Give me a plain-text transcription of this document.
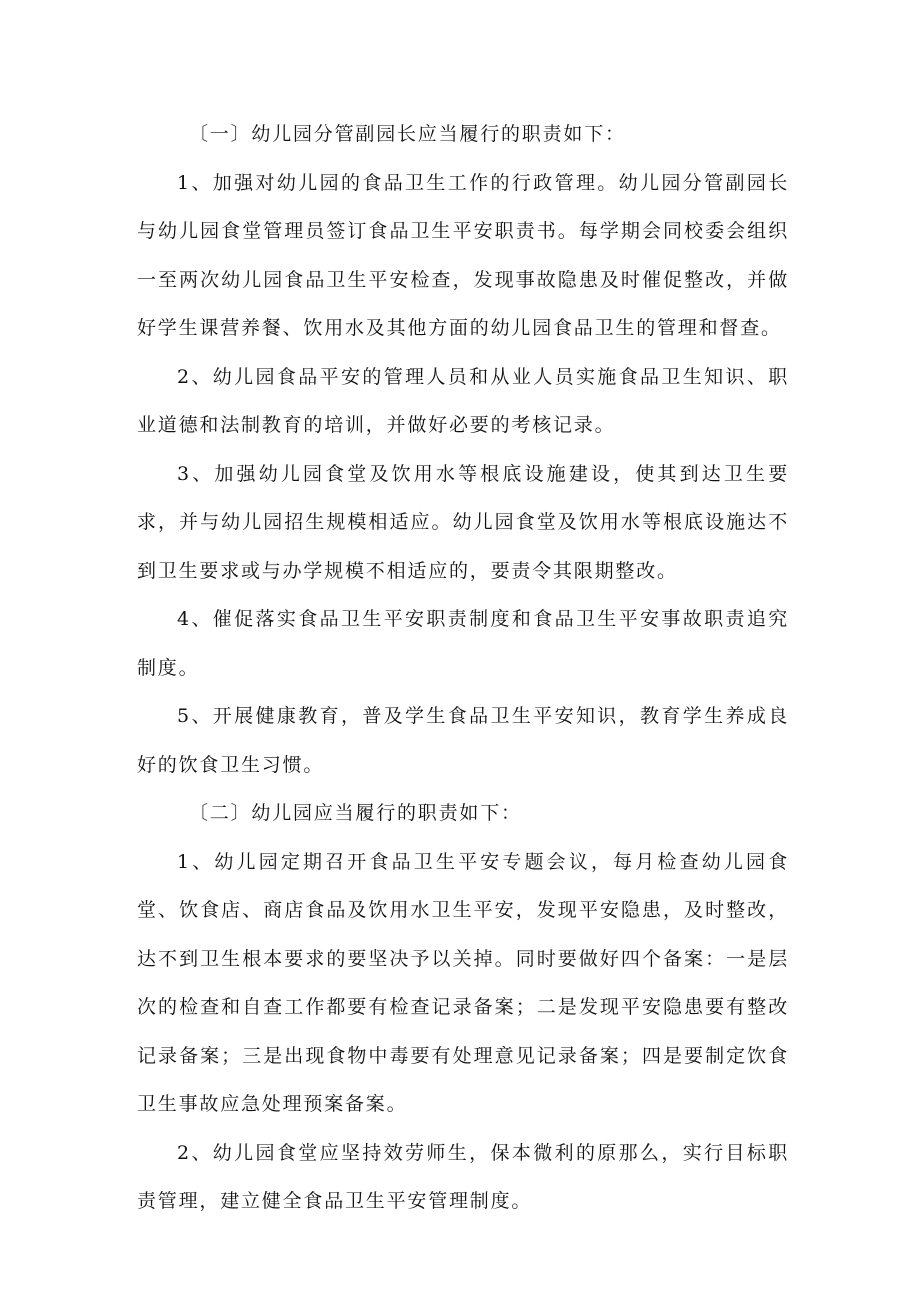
〔一〕幼儿园分管副园长应当履行的职责如下：

1、加强对幼儿园的食品卫生工作的行政管理。幼儿园分管副园长与幼儿园食堂管理员签订食品卫生平安职责书。每学期会同校委会组织一至两次幼儿园食品卫生平安检查，发现事故隐患及时催促整改，并做好学生课营养餐、饮用水及其他方面的幼儿园食品卫生的管理和督查。

2、幼儿园食品平安的管理人员和从业人员实施食品卫生知识、职业道德和法制教育的培训，并做好必要的考核记录。

3、加强幼儿园食堂及饮用水等根底设施建设，使其到达卫生要求，并与幼儿园招生规模相适应。幼儿园食堂及饮用水等根底设施达不到卫生要求或与办学规模不相适应的，要责令其限期整改。

4、催促落实食品卫生平安职责制度和食品卫生平安事故职责追究制度。

5、开展健康教育，普及学生食品卫生平安知识，教育学生养成良好的饮食卫生习惯。

〔二〕幼儿园应当履行的职责如下：

1、幼儿园定期召开食品卫生平安专题会议，每月检查幼儿园食堂、饮食店、商店食品及饮用水卫生平安，发现平安隐患，及时整改，达不到卫生根本要求的要坚决予以关掉。同时要做好四个备案：一是层次的检查和自查工作都要有检查记录备案；二是发现平安隐患要有整改记录备案；三是出现食物中毒要有处理意见记录备案；四是要制定饮食卫生事故应急处理预案备案。

2、幼儿园食堂应坚持效劳师生，保本微利的原那么，实行目标职责管理，建立健全食品卫生平安管理制度。
